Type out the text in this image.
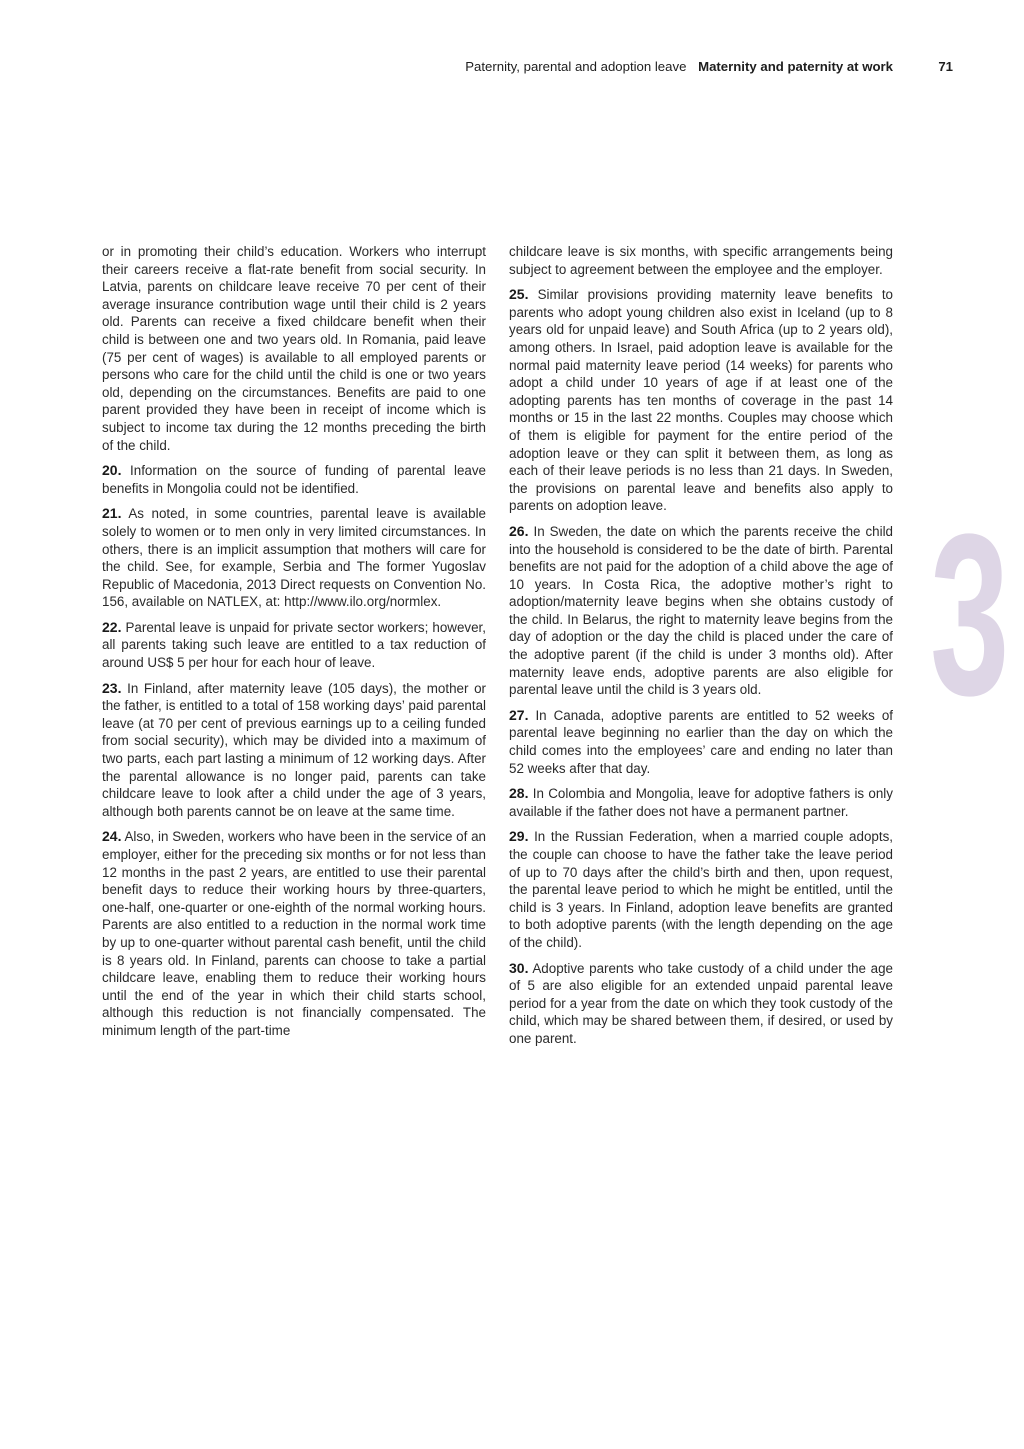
Paternity, parental and adoption leave Maternity and paternity at work	71

or in promoting their child’s education. Workers who interrupt their careers receive a flat-rate benefit from social security. In Latvia, parents on childcare leave receive 70 per cent of their average insurance contribution wage until their child is 2 years old. Parents can receive a fixed childcare benefit when their child is between one and two years old. In Romania, paid leave (75 per cent of wages) is available to all employed parents or persons who care for the child until the child is one or two years old, depending on the circumstances. Benefits are paid to one parent provided they have been in receipt of income which is subject to income tax during the 12 months preceding the birth of the child.

20. Information on the source of funding of parental leave benefits in Mongolia could not be identified.

21. As noted, in some countries, parental leave is available solely to women or to men only in very limited circumstances. In others, there is an implicit assumption that mothers will care for the child. See, for example, Serbia and The former Yugoslav Republic of Macedonia, 2013 Direct requests on Convention No. 156, available on NATLEX, at: http://www.ilo.org/normlex.

22. Parental leave is unpaid for private sector workers; however, all parents taking such leave are entitled to a tax reduction of around US$ 5 per hour for each hour of leave.

23. In Finland, after maternity leave (105 days), the mother or the father, is entitled to a total of 158 working days’ paid parental leave (at 70 per cent of previous earnings up to a ceiling funded from social security), which may be divided into a maximum of two parts, each part lasting a minimum of 12 working days. After the parental allowance is no longer paid, parents can take childcare leave to look after a child under the age of 3 years, although both parents cannot be on leave at the same time.

24. Also, in Sweden, workers who have been in the service of an employer, either for the preceding six months or for not less than 12 months in the past 2 years, are entitled to use their parental benefit days to reduce their working hours by three-quarters, one-half, one-quarter or one-eighth of the normal working hours. Parents are also entitled to a reduction in the normal work time by up to one-quarter without parental cash benefit, until the child is 8 years old. In Finland, parents can choose to take a partial childcare leave, enabling them to reduce their working hours until the end of the year in which their child starts school, although this reduction is not financially compensated. The minimum length of the part-time

childcare leave is six months, with specific arrangements being subject to agreement between the employee and the employer.

25. Similar provisions providing maternity leave benefits to parents who adopt young children also exist in Iceland (up to 8 years old for unpaid leave) and South Africa (up to 2 years old), among others. In Israel, paid adoption leave is available for the normal paid maternity leave period (14 weeks) for parents who adopt a child under 10 years of age if at least one of the adopting parents has ten months of coverage in the past 14 months or 15 in the last 22 months. Couples may choose which of them is eligible for payment for the entire period of the adoption leave or they can split it between them, as long as each of their leave periods is no less than 21 days. In Sweden, the provisions on parental leave and benefits also apply to parents on adoption leave.

26. In Sweden, the date on which the parents receive the child into the household is considered to be the date of birth. Parental benefits are not paid for the adoption of a child above the age of 10 years. In Costa Rica, the adoptive mother’s right to adoption/maternity leave begins when she obtains custody of the child. In Belarus, the right to maternity leave begins from the day of adoption or the day the child is placed under the care of the adoptive parent (if the child is under 3 months old). After maternity leave ends, adoptive parents are also eligible for parental leave until the child is 3 years old.

27. In Canada, adoptive parents are entitled to 52 weeks of parental leave beginning no earlier than the day on which the child comes into the employees’ care and ending no later than 52 weeks after that day.

28. In Colombia and Mongolia, leave for adoptive fathers is only available if the father does not have a permanent partner.

29. In the Russian Federation, when a married couple adopts, the couple can choose to have the father take the leave period of up to 70 days after the child’s birth and then, upon request, the parental leave period to which he might be entitled, until the child is 3 years. In Finland, adoption leave benefits are granted to both adoptive parents (with the length depending on the age of the child).

30. Adoptive parents who take custody of a child under the age of 5 are also eligible for an extended unpaid parental leave period for a year from the date on which they took custody of the child, which may be shared between them, if desired, or used by one parent.

3
